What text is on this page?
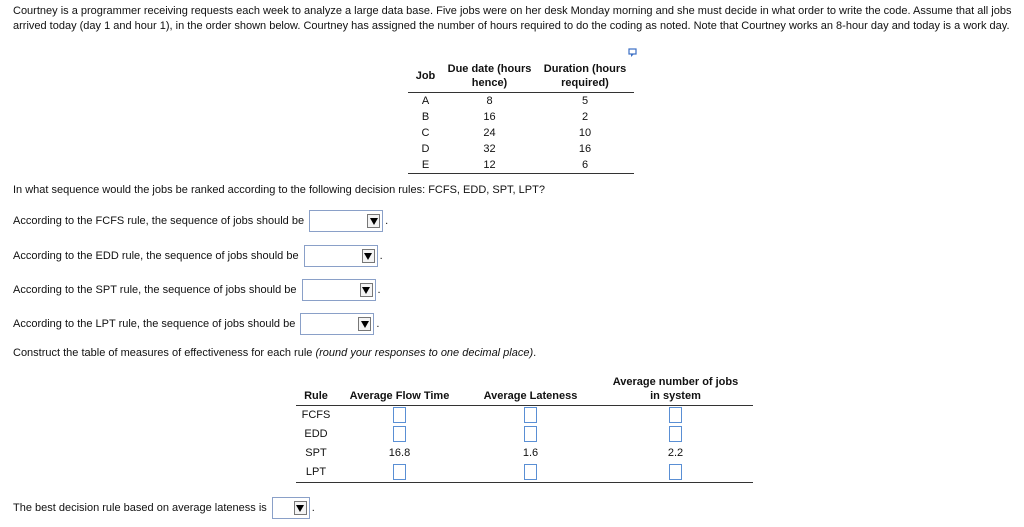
Courtney is a programmer receiving requests each week to analyze a large data base. Five jobs were on her desk Monday morning and she must decide in what order to write the code. Assume that all jobs arrived today (day 1 and hour 1), in the order shown below. Courtney has assigned the number of hours required to do the coding as noted. Note that Courtney works an 8-hour day and today is a work day.
Job	Due date (hours hence)	Duration (hours required)
A	8	5
B	16	2
C	24	10
D	32	16
E	12	6
In what sequence would the jobs be ranked according to the following decision rules: FCFS, EDD, SPT, LPT?
According to the FCFS rule, the sequence of jobs should be	.
According to the EDD rule, the sequence of jobs should be	.
According to the SPT rule, the sequence of jobs should be	.
According to the LPT rule, the sequence of jobs should be	.
Construct the table of measures of effectiveness for each rule (round your responses to one decimal place).
Rule	Average Flow Time	Average Lateness	Average number of jobs
in system
FCFS			
EDD			
SPT	16.8	1.6	2.2
LPT			
The best decision rule based on average lateness is	.
